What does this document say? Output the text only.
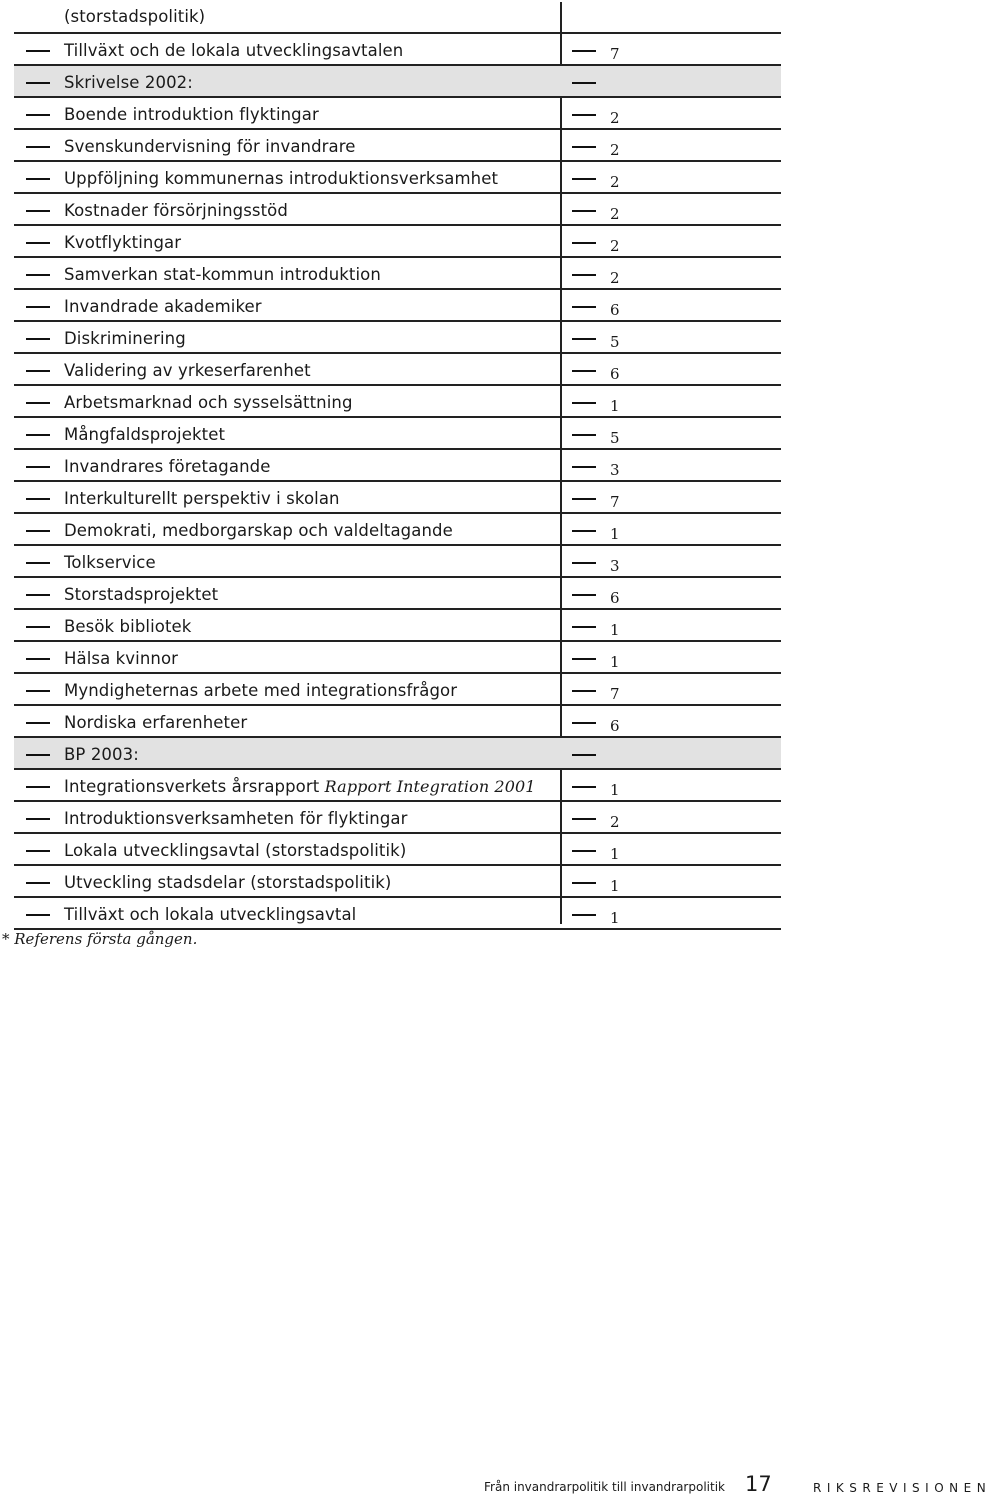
(storstadspolitik)
Tillväxt och de lokala utvecklingsavtalen	7
Skrivelse 2002:
Boende introduktion flyktingar	2
Svenskundervisning för invandrare	2
Uppföljning kommunernas introduktionsverksamhet	2
Kostnader försörjningsstöd	2
Kvotflyktingar	2
Samverkan stat-kommun introduktion	2
Invandrade akademiker	6
Diskriminering	5
Validering av yrkeserfarenhet	6
Arbetsmarknad och sysselsättning	1
Mångfaldsprojektet	5
Invandrares företagande	3
Interkulturellt perspektiv i skolan	7
Demokrati, medborgarskap och valdeltagande	1
Tolkservice	3
Storstadsprojektet	6
Besök bibliotek	1
Hälsa kvinnor	1
Myndigheternas arbete med integrationsfrågor	7
Nordiska erfarenheter	6
BP 2003:
Integrationsverkets årsrapport Rapport Integration 2001	1
Introduktionsverksamheten för flyktingar	2
Lokala utvecklingsavtal (storstadspolitik)	1
Utveckling stadsdelar (storstadspolitik)	1
Tillväxt och lokala utvecklingsavtal	1
* Referens första gången.
Från invandrarpolitik till invandrarpolitik 17	RIKSREVISIONEN
